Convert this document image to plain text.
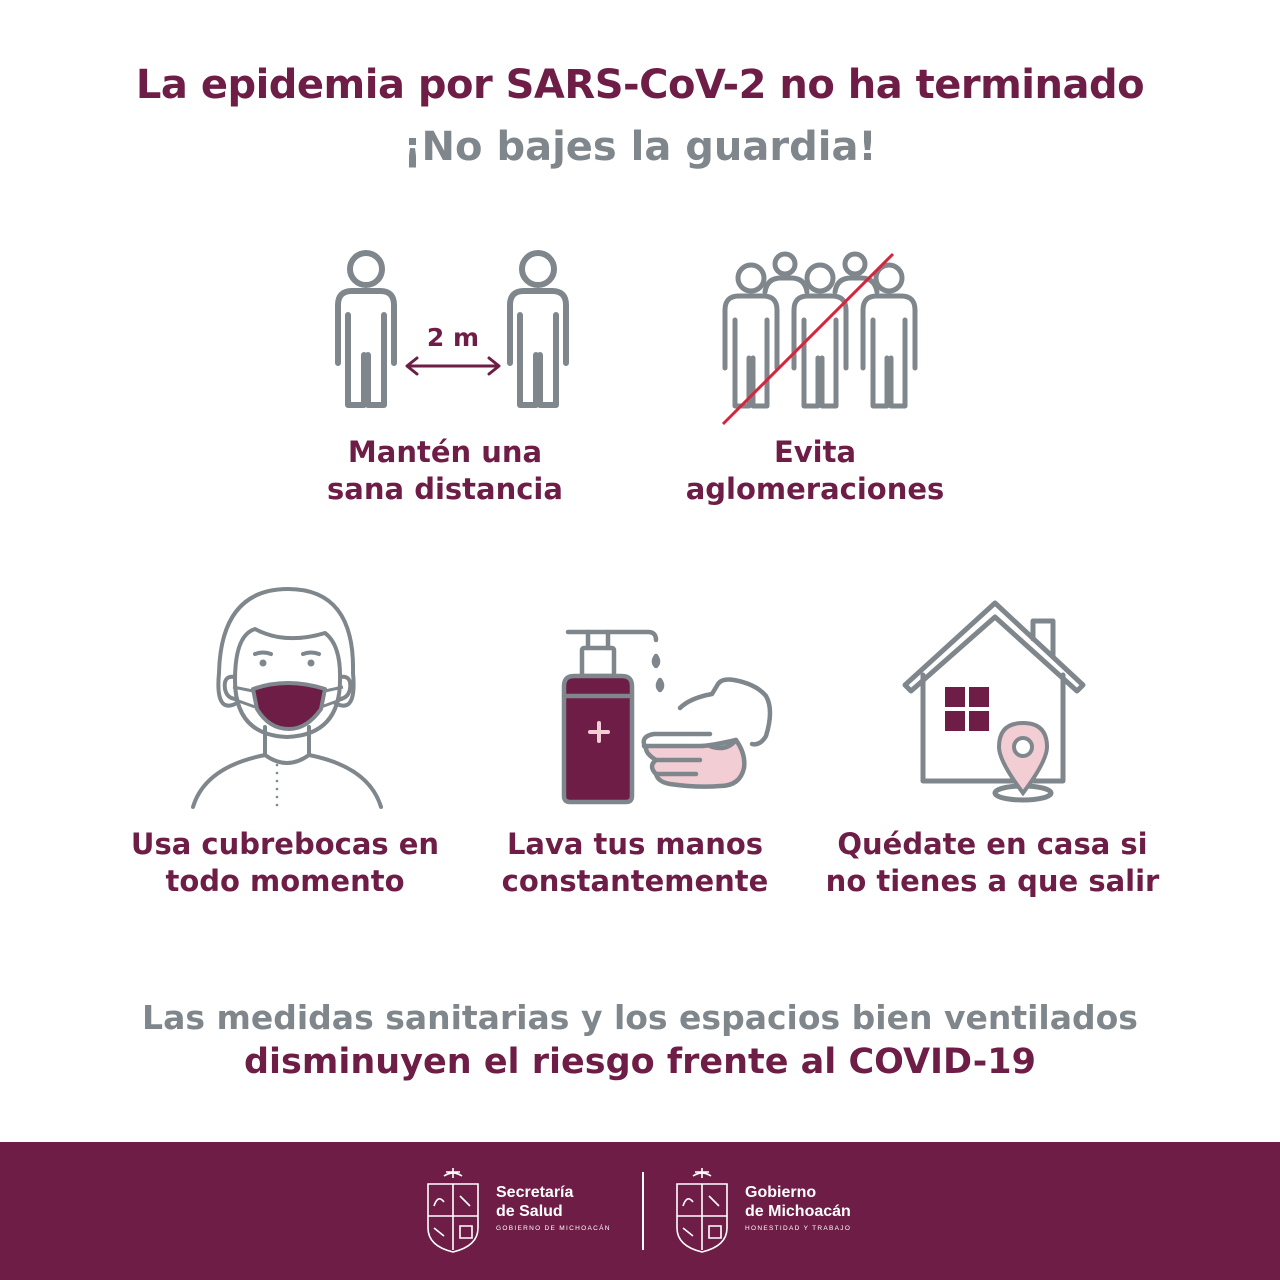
La epidemia por SARS-CoV-2 no ha terminado
¡No bajes la guardia!
2 m
Mantén una
sana distancia
Evita
aglomeraciones
Usa cubrebocas en
todo momento
Lava tus manos
constantemente
Quédate en casa si
no tienes a que salir
Las medidas sanitarias y los espacios bien ventilados
disminuyen el riesgo frente al COVID-19
Secretaría
de Salud
GOBIERNO DE MICHOACÁN
Gobierno
de Michoacán
HONESTIDAD Y TRABAJO
